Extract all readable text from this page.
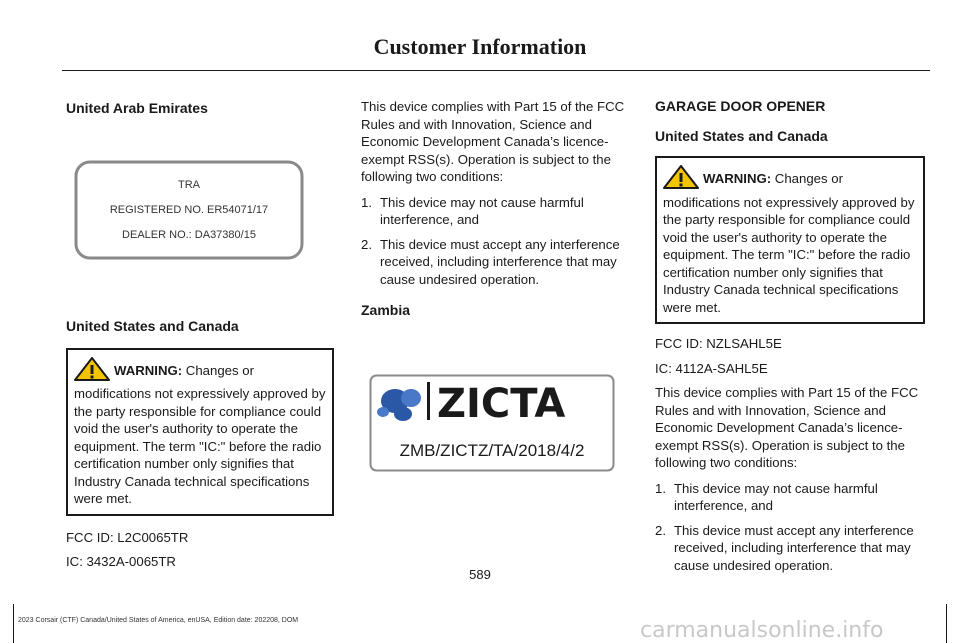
Customer Information
United Arab Emirates
TRA
REGISTERED NO. ER54071/17
DEALER NO.: DA37380/15
United States and Canada
WARNING: Changes or modifications not expressively approved by the party responsible for compliance could void the user's authority to operate the equipment. The term "IC:" before the radio certification number only signifies that Industry Canada technical specifications were met.

FCC ID: L2C0065TR

IC: 3432A-0065TR

This device complies with Part 15 of the FCC Rules and with Innovation, Science and Economic Development Canada’s licence-exempt RSS(s). Operation is subject to the following two conditions:

1. This device may not cause harmful interference, and
2. This device must accept any interference received, including interference that may cause undesired operation.
Zambia
ZICTA
ZMB/ZICTZ/TA/2018/4/2
GARAGE DOOR OPENER
United States and Canada
WARNING: Changes or modifications not expressively approved by the party responsible for compliance could void the user's authority to operate the equipment. The term "IC:" before the radio certification number only signifies that Industry Canada technical specifications were met.

FCC ID: NZLSAHL5E

IC: 4112A-SAHL5E

This device complies with Part 15 of the FCC Rules and with Innovation, Science and Economic Development Canada’s licence-exempt RSS(s). Operation is subject to the following two conditions:

1. This device may not cause harmful interference, and
2. This device must accept any interference received, including interference that may cause undesired operation.
589
2023 Corsair (CTF) Canada/United States of America, enUSA, Edition date: 202208, DOM	carmanualsonline.info
